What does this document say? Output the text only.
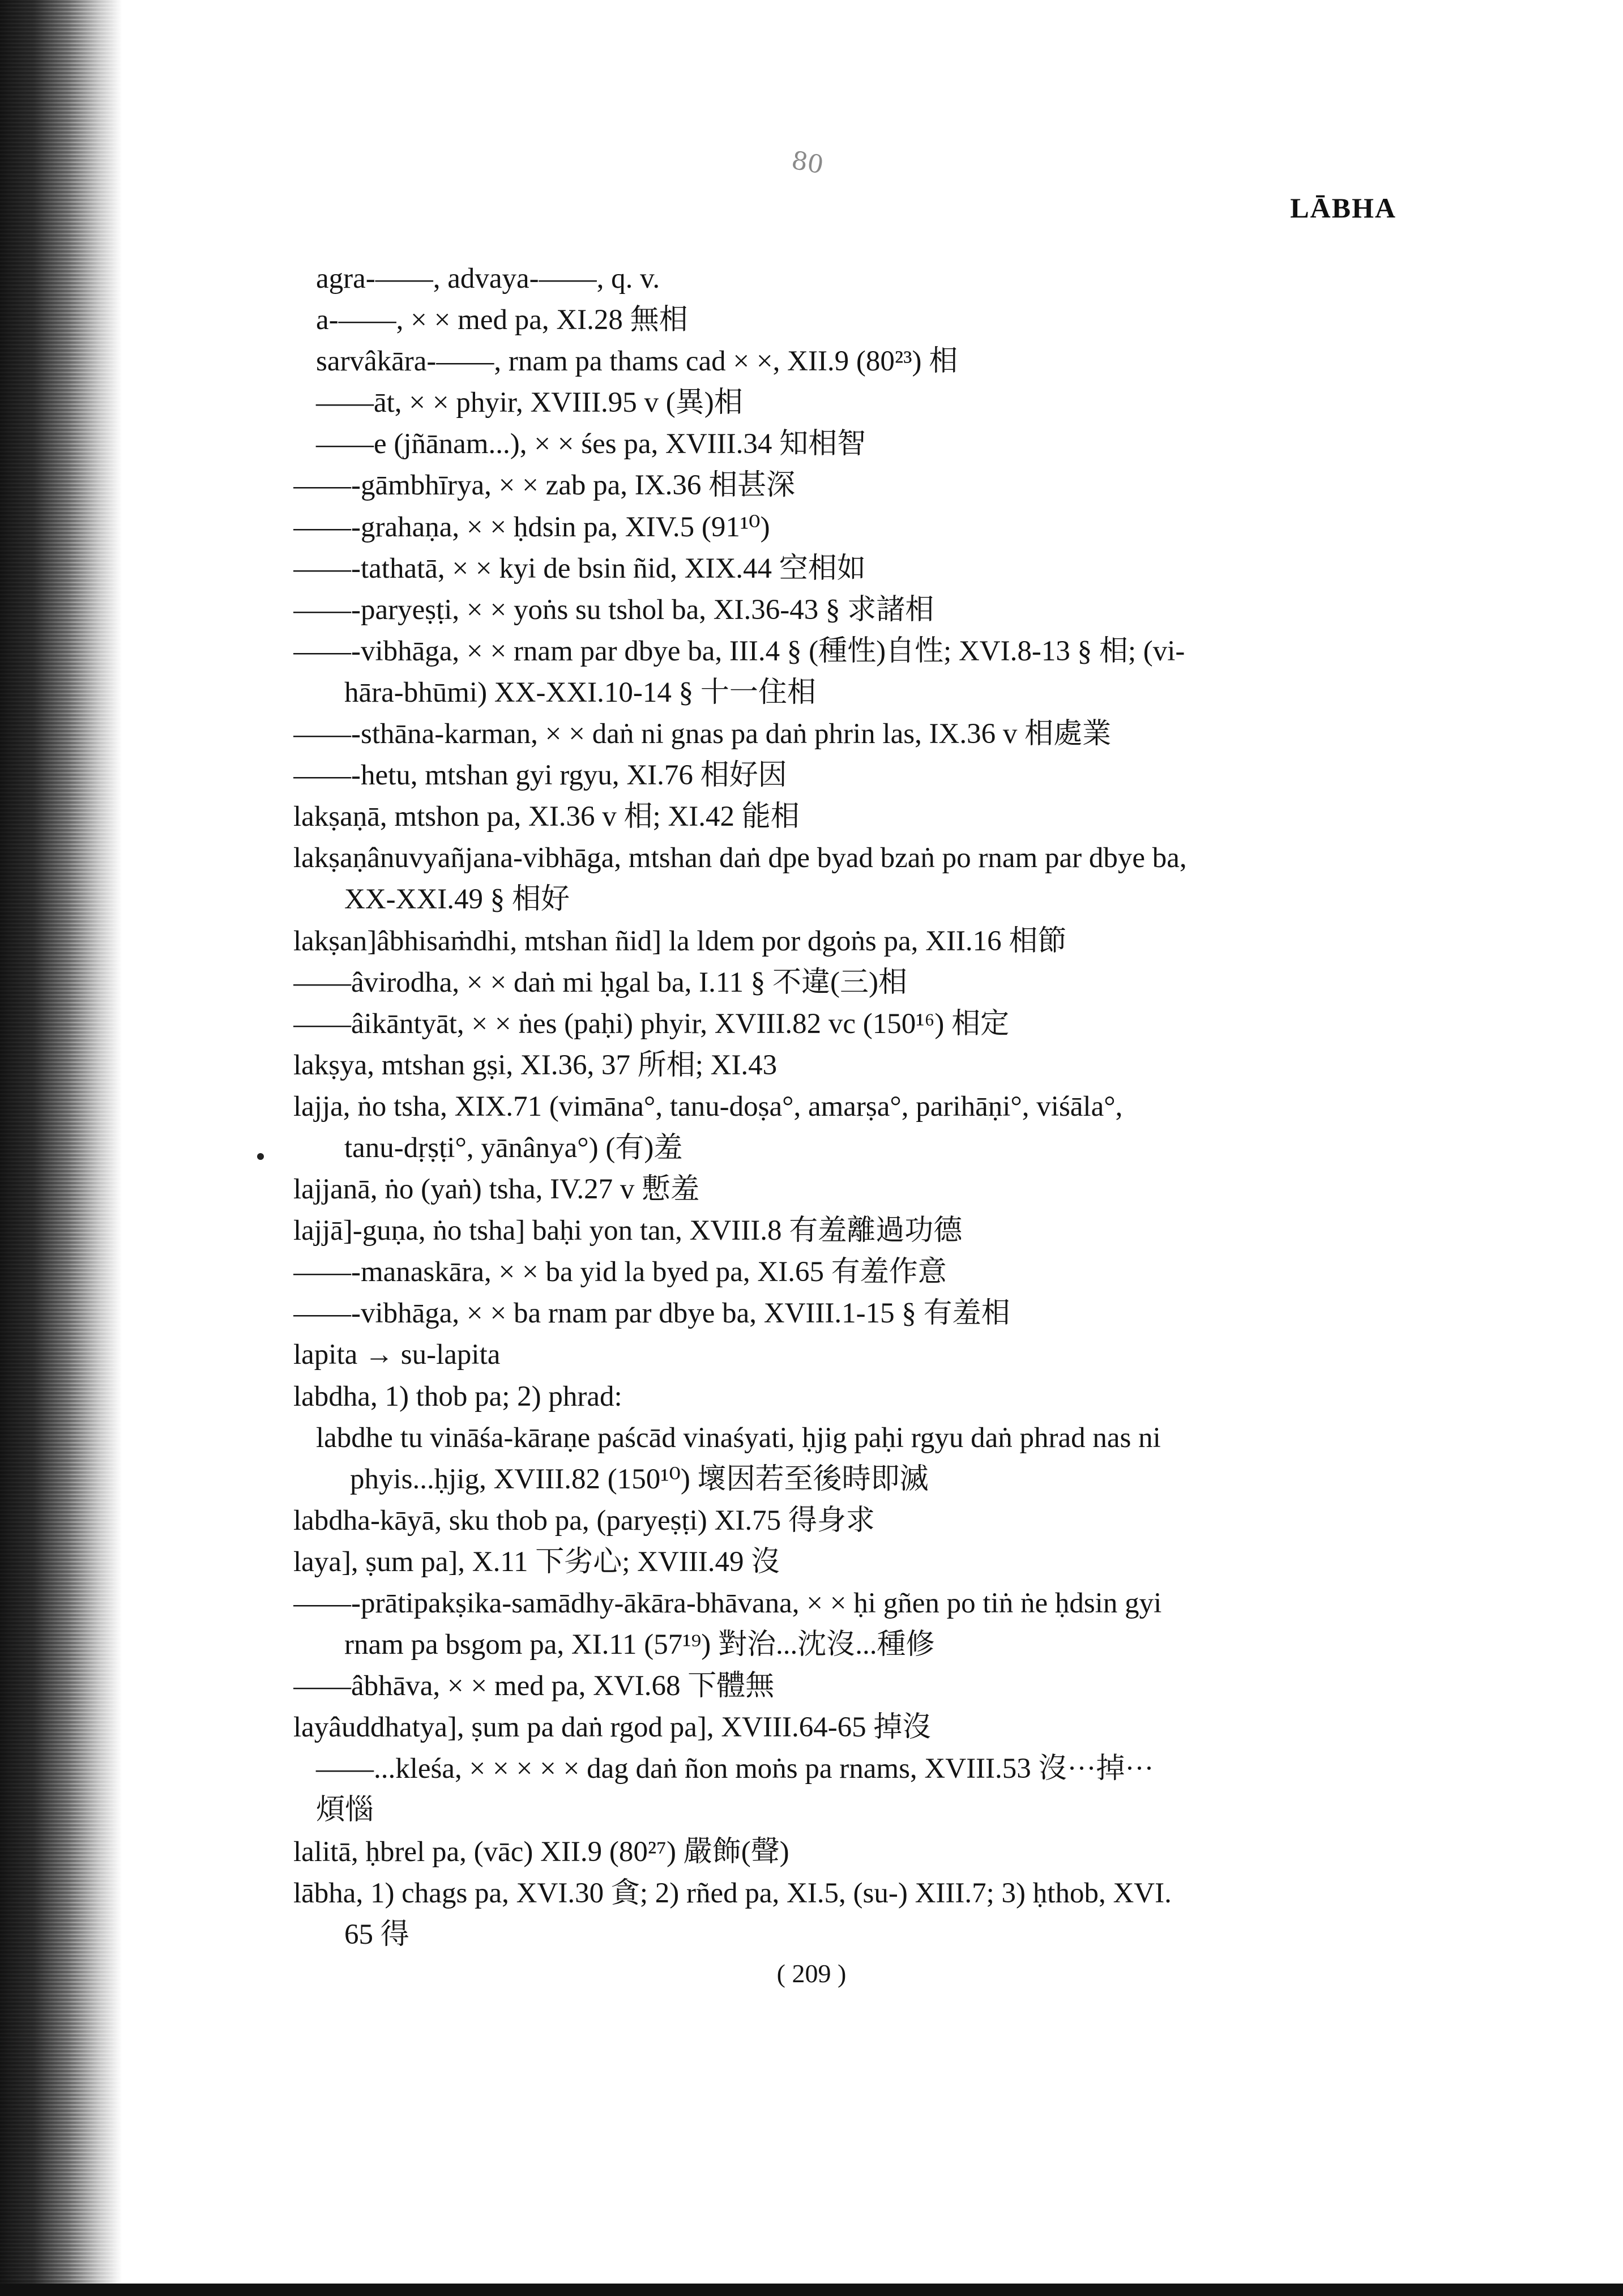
80
LĀBHA
agra-——, advaya-——, q. v.
a-——, × × med pa, XI.28 無相
sarvâkāra-——, rnam pa thams cad × ×, XII.9 (80²³) 相
——āt, × × phyir, XVIII.95 v (異)相
——e (jñānam...), × × śes pa, XVIII.34 知相智
——-gāmbhīrya, × × zab pa, IX.36 相甚深
——-grahaṇa, × × ḥdsin pa, XIV.5 (91¹⁰)
——-tathatā, × × kyi de bsin ñid, XIX.44 空相如
——-paryeṣṭi, × × yoṅs su tshol ba, XI.36-43 § 求諸相
——-vibhāga, × × rnam par dbye ba, III.4 § (種性)自性; XVI.8-13 § 相; (vi-
hāra-bhūmi) XX-XXI.10-14 § 十一住相
——-sthāna-karman, × × daṅ ni gnas pa daṅ phrin las, IX.36 v 相處業
——-hetu, mtshan gyi rgyu, XI.76 相好因
lakṣaṇā, mtshon pa, XI.36 v 相; XI.42 能相
lakṣaṇânuvyañjana-vibhāga, mtshan daṅ dpe byad bzaṅ po rnam par dbye ba,
XX-XXI.49 § 相好
lakṣan]âbhisaṁdhi, mtshan ñid] la ldem por dgoṅs pa, XII.16 相節
——âvirodha, × × daṅ mi ḥgal ba, I.11 § 不違(三)相
——âikāntyāt, × × ṅes (paḥi) phyir, XVIII.82 vc (150¹⁶) 相定
lakṣya, mtshan gṣi, XI.36, 37 所相; XI.43
lajja, ṅo tsha, XIX.71 (vimāna°, tanu-doṣa°, amarṣa°, parihāṇi°, viśāla°,
tanu-dṛṣṭi°, yānânya°) (有)羞
lajjanā, ṅo (yaṅ) tsha, IV.27 v 慙羞
lajjā]-guṇa, ṅo tsha] baḥi yon tan, XVIII.8 有羞離過功德
——-manaskāra, × × ba yid la byed pa, XI.65 有羞作意
——-vibhāga, × × ba rnam par dbye ba, XVIII.1-15 § 有羞相
lapita → su-lapita
labdha, 1) thob pa; 2) phrad:
labdhe tu vināśa-kāraṇe paścād vinaśyati, ḥjig paḥi rgyu daṅ phrad nas ni
phyis...ḥjig, XVIII.82 (150¹⁰) 壞因若至後時即滅
labdha-kāyā, sku thob pa, (paryeṣṭi) XI.75 得身求
laya], ṣum pa], X.11 下劣心; XVIII.49 沒
——-prātipakṣika-samādhy-ākāra-bhāvana, × × ḥi gñen po tiṅ ṅe ḥdsin gyi
rnam pa bsgom pa, XI.11 (57¹⁹) 對治...沈沒...種修
——âbhāva, × × med pa, XVI.68 下體無
layâuddhatya], ṣum pa daṅ rgod pa], XVIII.64-65 掉沒
——...kleśa, × × × × × dag daṅ ñon moṅs pa rnams, XVIII.53 沒···掉···
煩惱
lalitā, ḥbrel pa, (vāc) XII.9 (80²⁷) 嚴飾(聲)
lābha, 1) chags pa, XVI.30 貪; 2) rñed pa, XI.5, (su-) XIII.7; 3) ḥthob, XVI.
65 得
( 209 )
